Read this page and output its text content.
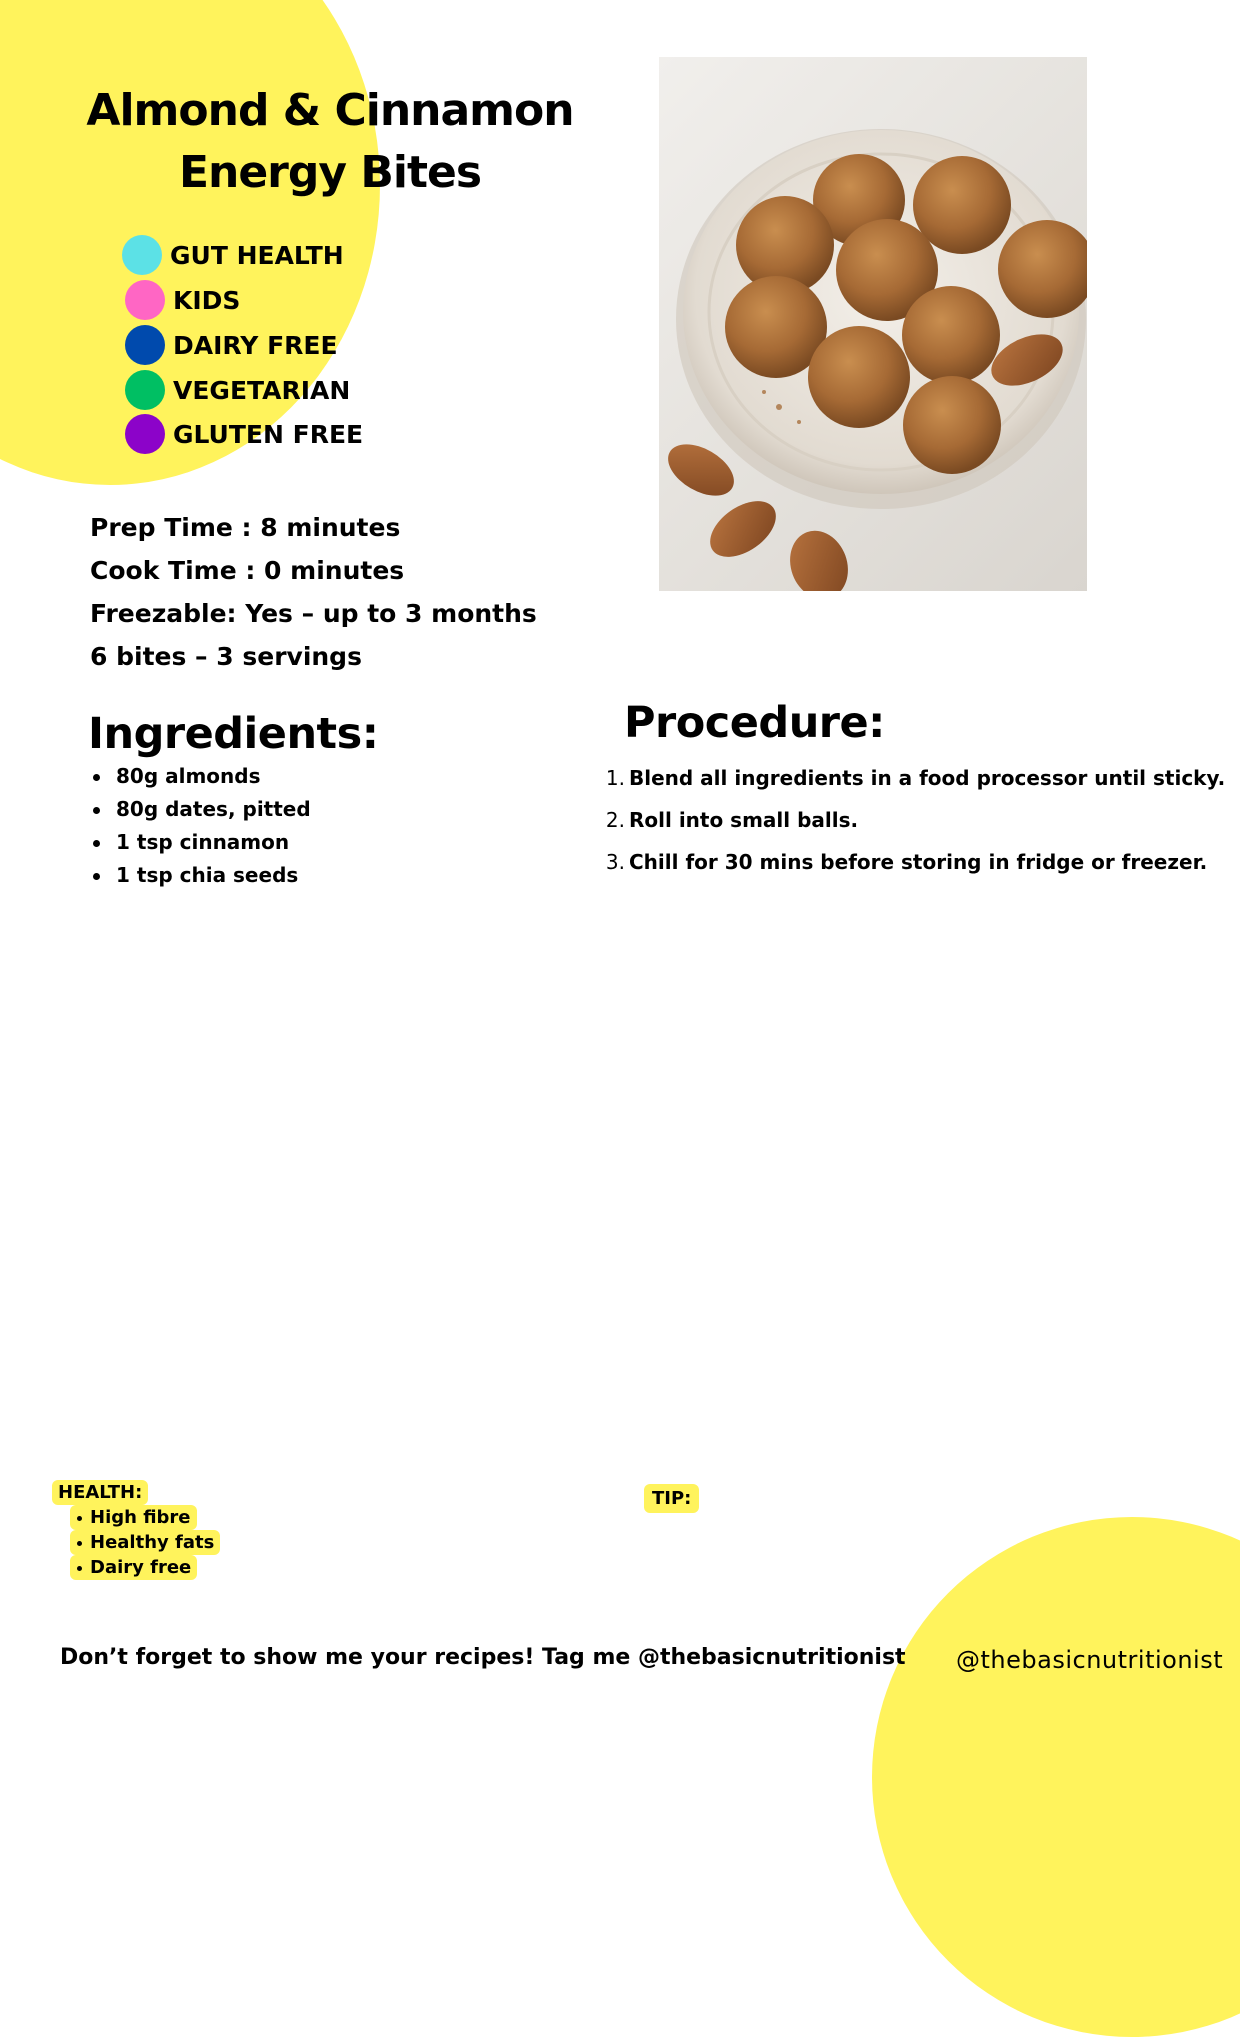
Almond & Cinnamon
Energy Bites
GUT HEALTH
KIDS
DAIRY FREE
VEGETARIAN
GLUTEN FREE
Prep Time : 8 minutes
Cook Time : 0 minutes
Freezable: Yes – up to 3 months
6 bites – 3 servings
Ingredients:
80g almonds
80g dates, pitted
1 tsp cinnamon
1 tsp chia seeds
Procedure:
1. Blend all ingredients in a food processor until sticky.
2. Roll into small balls.
3. Chill for 30 mins before storing in fridge or freezer.
HEALTH:
High fibre
Healthy fats
Dairy free
TIP:
Don’t forget to show me your recipes! Tag me @thebasicnutritionist @thebasicnutritionist
